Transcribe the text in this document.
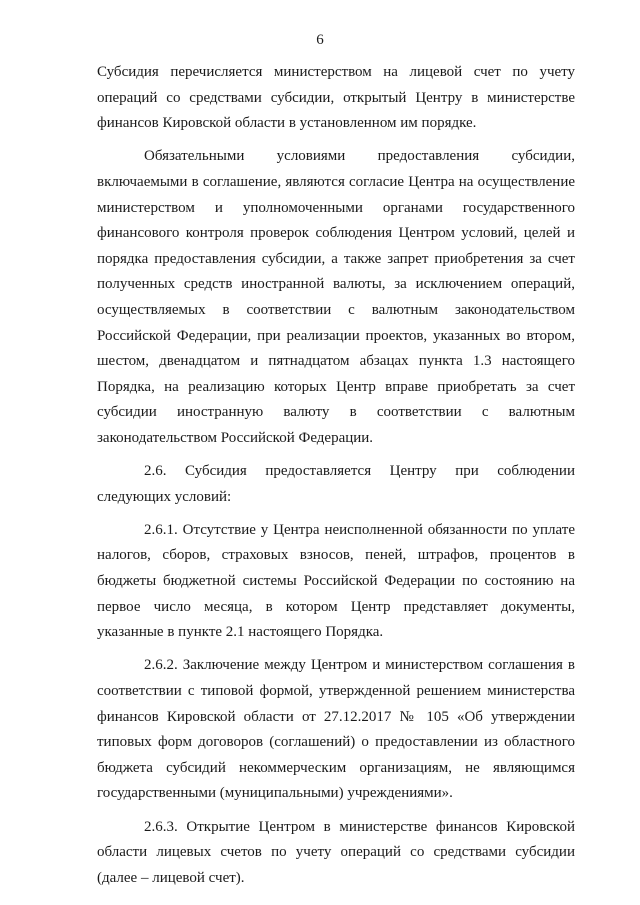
6

Субсидия перечисляется министерством на лицевой счет по учету операций со средствами субсидии, открытый Центру в министерстве финансов Кировской области в установленном им порядке.

Обязательными условиями предоставления субсидии, включаемыми в соглашение, являются согласие Центра на осуществление министерством и уполномоченными органами государственного финансового контроля проверок соблюдения Центром условий, целей и порядка предоставления субсидии, а также запрет приобретения за счет полученных средств иностранной валюты, за исключением операций, осуществляемых в соответствии с валютным законодательством Российской Федерации, при реализации проектов, указанных во втором, шестом, двенадцатом и пятнадцатом абзацах пункта 1.3 настоящего Порядка, на реализацию которых Центр вправе приобретать за счет субсидии иностранную валюту в соответствии с валютным законодательством Российской Федерации.

2.6. Субсидия предоставляется Центру при соблюдении следующих условий:

2.6.1. Отсутствие у Центра неисполненной обязанности по уплате налогов, сборов, страховых взносов, пеней, штрафов, процентов в бюджеты бюджетной системы Российской Федерации по состоянию на первое число месяца, в котором Центр представляет документы, указанные в пункте 2.1 настоящего Порядка.

2.6.2. Заключение между Центром и министерством соглашения в соответствии с типовой формой, утвержденной решением министерства финансов Кировской области от 27.12.2017 № 105 «Об утверждении типовых форм договоров (соглашений) о предоставлении из областного бюджета субсидий некоммерческим организациям, не являющимся государственными (муниципальными) учреждениями».

2.6.3. Открытие Центром в министерстве финансов Кировской области лицевых счетов по учету операций со средствами субсидии (далее – лицевой счет).
